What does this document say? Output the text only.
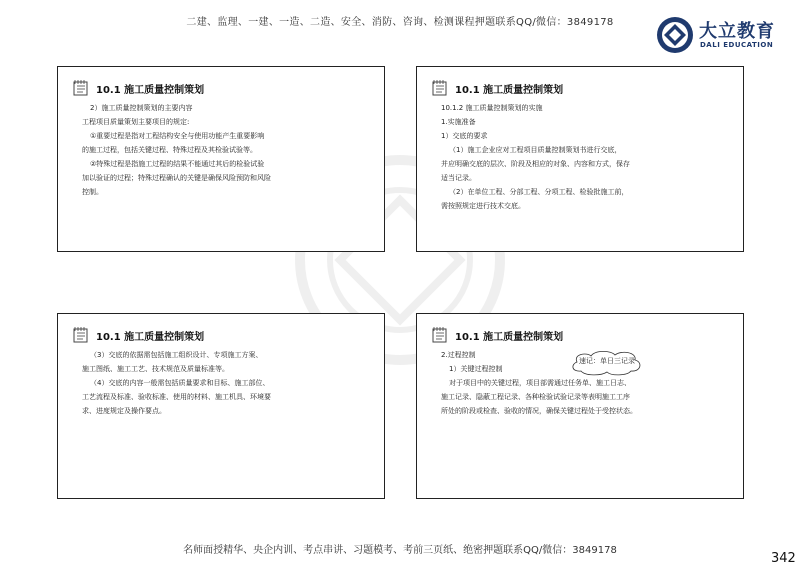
二建、监理、一建、一造、二造、安全、消防、咨询、检测课程押题联系QQ/微信：3849178	大立教育
DALI EDUCATION
10.1 施工质量控制策划

2）施工质量控制策划的主要内容

工程项目质量策划主要项目的规定:

①重要过程是指对工程结构安全与使用功能产生重要影响

的施工过程，包括关键过程、特殊过程及其检验试验等。

②特殊过程是指施工过程的结果不能通过其后的检验试验

加以验证的过程；特殊过程确认的关键是确保风险预防和风险

控制。

10.1 施工质量控制策划

10.1.2 施工质量控制策划的实施

1.实施准备

1）交底的要求

（1）施工企业应对工程项目质量控制策划书进行交底，

并应明确交底的层次、阶段及相应的对象、内容和方式，保存

适当记录。

（2）在单位工程、分部工程、分项工程、检验批施工前，

需按照规定进行技术交底。

10.1 施工质量控制策划

（3）交底的依据需包括施工组织设计、专项施工方案、

施工图纸、施工工艺、技术规范及质量标准等。

（4）交底的内容一般需包括质量要求和目标、施工部位、

工艺流程及标准、验收标准、使用的材料、施工机具、环境要

求、进度规定及操作要点。

10.1 施工质量控制策划
速记：单日三记录

2.过程控制

1）关键过程控制

对于项目中的关键过程，项目部需通过任务单、施工日志、

施工记录、隐蔽工程记录、各种检验试验记录等表明施工工序

所处的阶段或检查、验收的情况，确保关键过程处于受控状态。

名师面授精华、央企内训、考点串讲、习题模考、考前三页纸、绝密押题联系QQ/微信：3849178
342
